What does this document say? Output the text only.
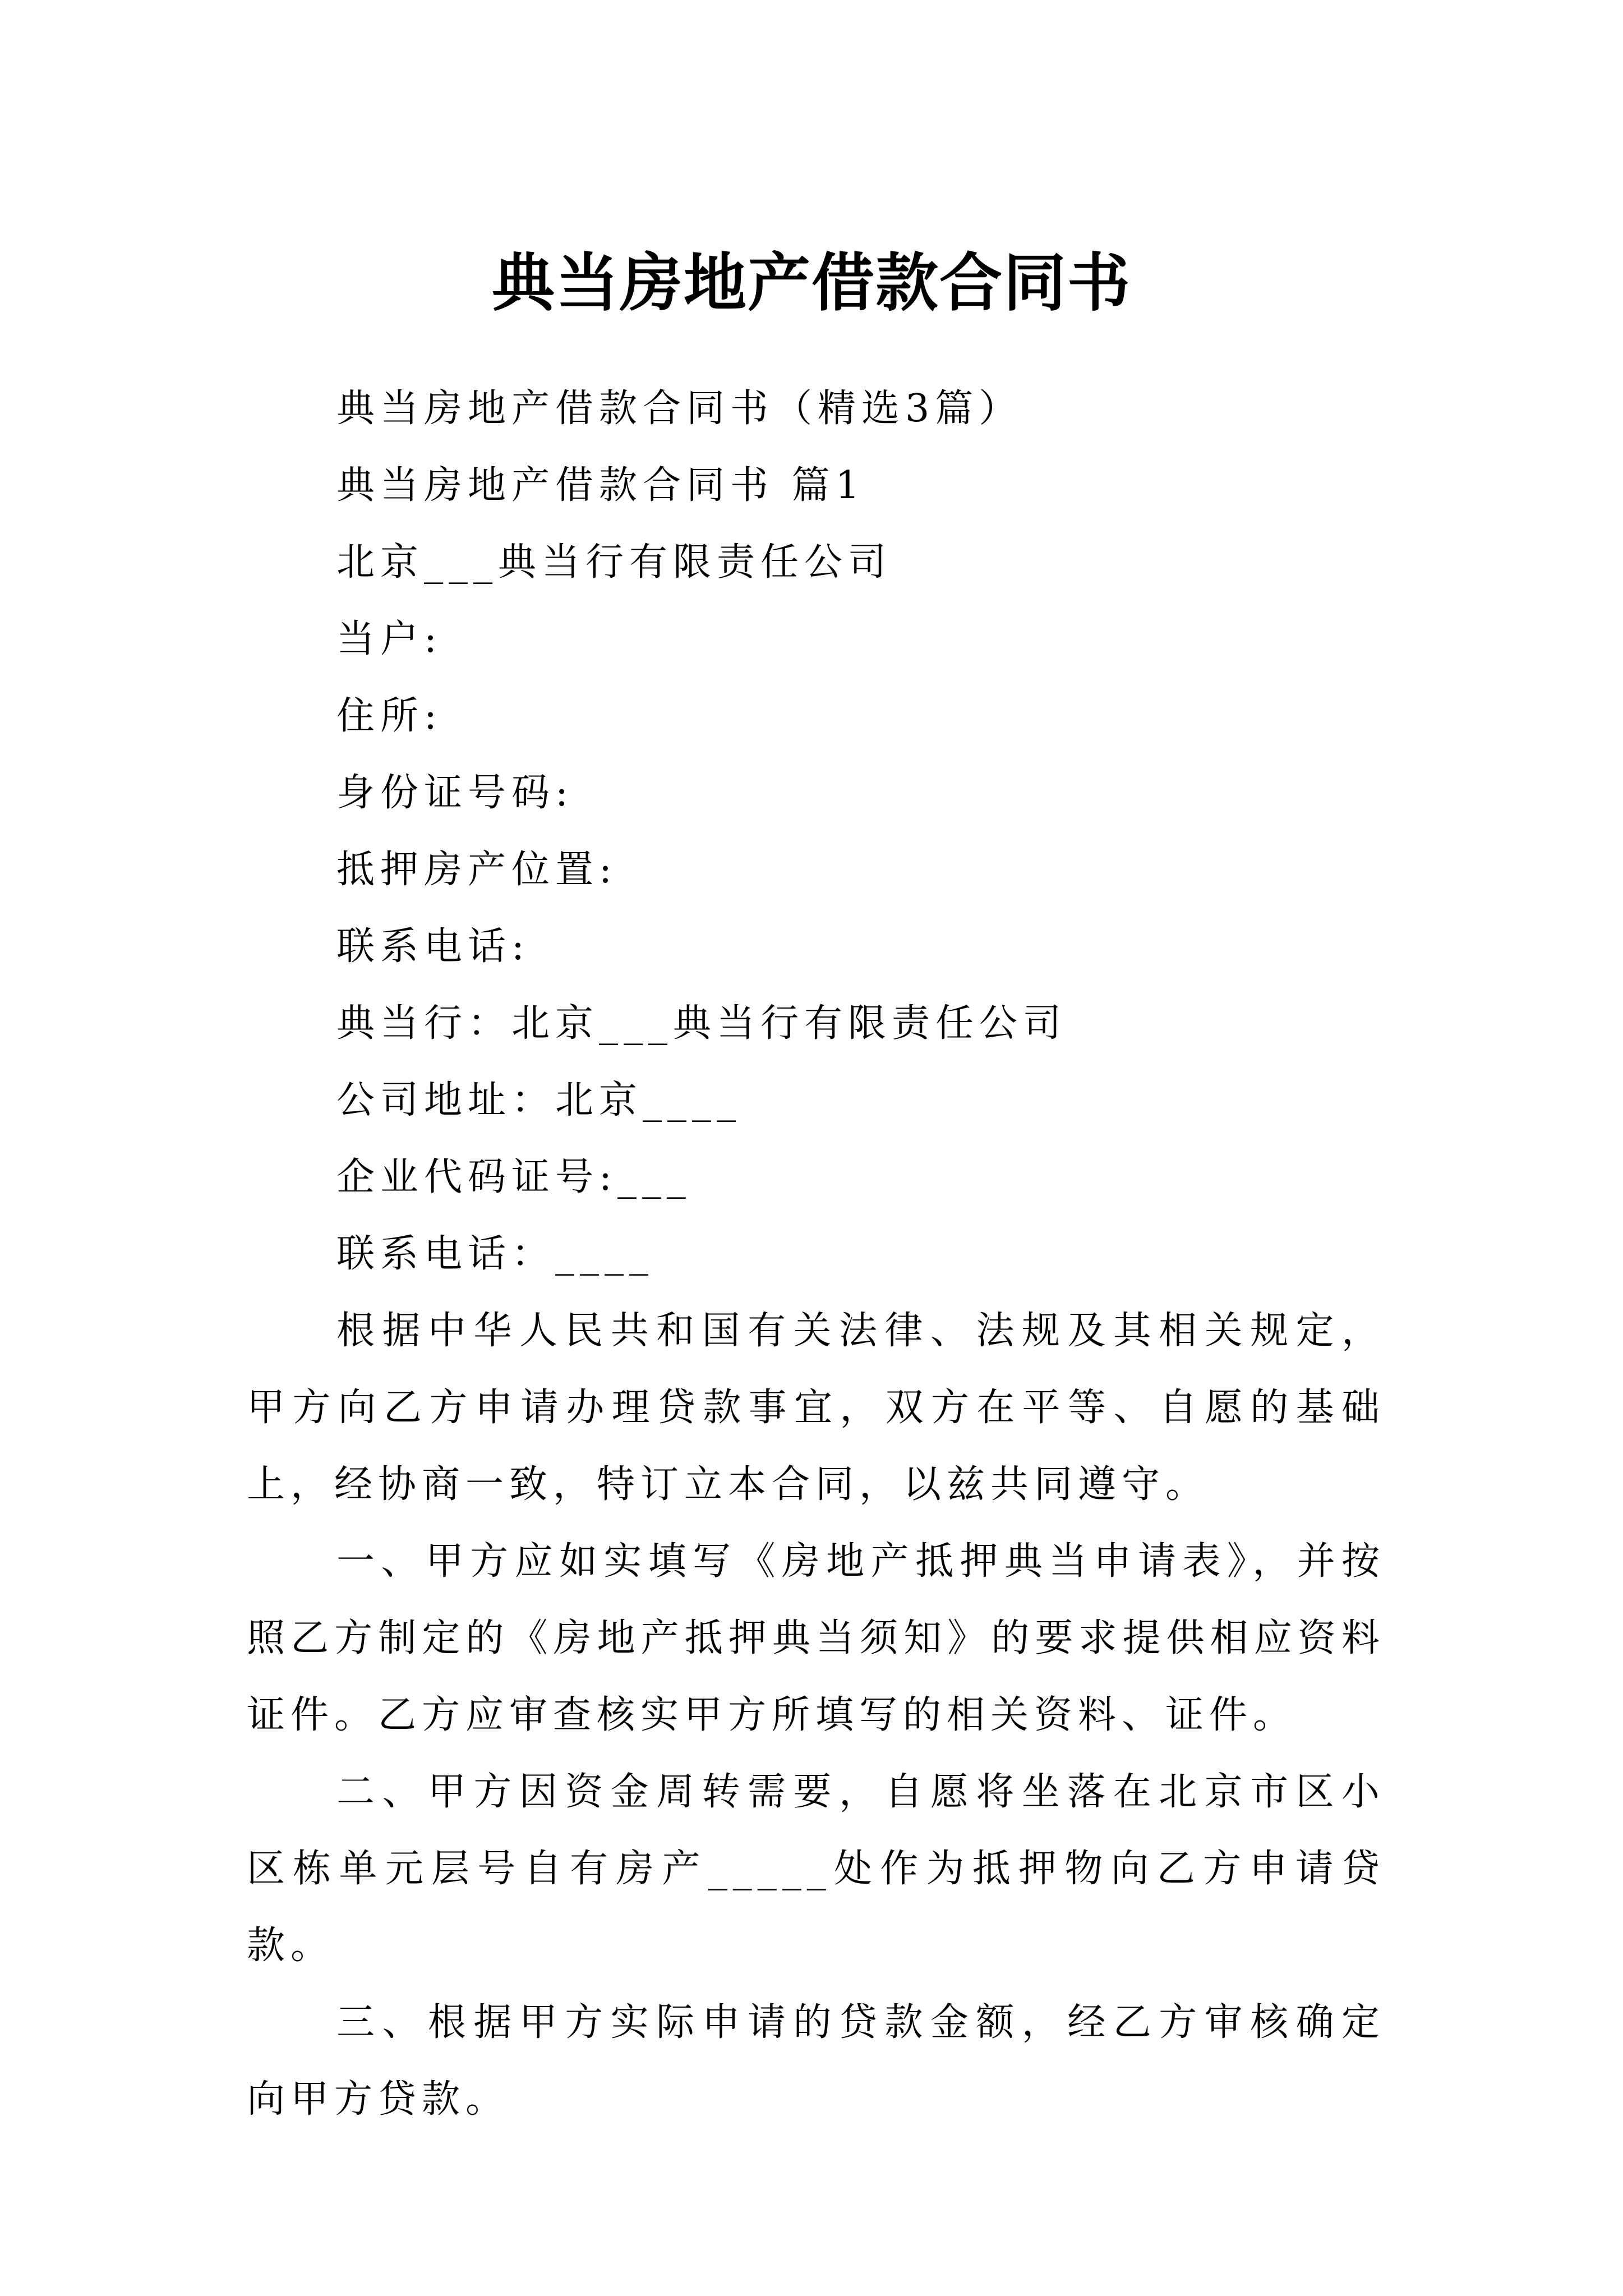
典当房地产借款合同书
典当房地产借款合同书（精选3篇）
典当房地产借款合同书 篇1
北京___典当行有限责任公司
当户:
住所:
身份证号码:
抵押房产位置:
联系电话:
典当行：北京___典当行有限责任公司
公司地址：北京____
企业代码证号:___
联系电话：____

根据中华人民共和国有关法律、法规及其相关规定，甲方向乙方申请办理贷款事宜，双方在平等、自愿的基础上，经协商一致，特订立本合同，以兹共同遵守。

一、甲方应如实填写《房地产抵押典当申请表》，并按照乙方制定的《房地产抵押典当须知》的要求提供相应资料证件。乙方应审查核实甲方所填写的相关资料、证件。

二、甲方因资金周转需要，自愿将坐落在北京市区小区栋单元层号自有房产_____处作为抵押物向乙方申请贷款。

三、根据甲方实际申请的贷款金额，经乙方审核确定向甲方贷款。
